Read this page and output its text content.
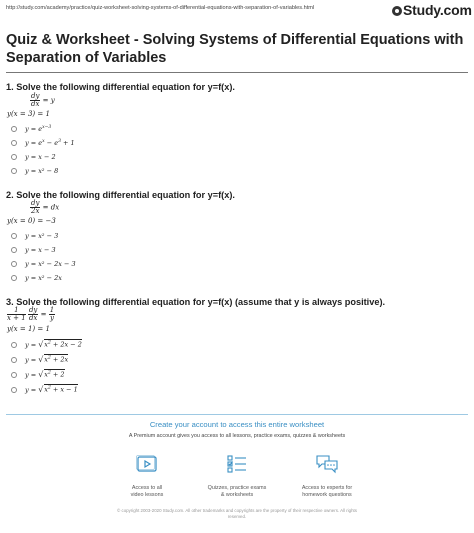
http://study.com/academy/practice/quiz-worksheet-solving-systems-of-differential-equations-with-separation-of-variables.html	Study.com
Quiz & Worksheet - Solving Systems of Differential Equations with Separation of Variables
1. Solve the following differential equation for y=f(x).
$\frac{dy}{dx} = y$
y(x = 3) = 1
$y = e^{x-3}$
$y = e^x - e^3 + 1$
y = x − 2
y = x² − 8
2. Solve the following differential equation for y=f(x).
$\frac{dy}{2x}$ = dx
y(x = 0) = −3
y = x² − 3
y = x − 3
y = x² − 2x − 3
y = x² − 2x
3. Solve the following differential equation for y=f(x) (assume that y is always positive).
$\frac{1}{x + 1}$
$\frac{dy}{dx} = \frac{1}{y}$
y(x = 1) = 1
y = √ $x^2 + 2x - 2$
y = √ $x^2 + 2x$
y = √ $x^2 + 2$
y = √ $x^2 + x - 1$
Create your account to access this entire worksheet
A Premium account gives you access to all lessons, practice exams, quizzes & worksheets
Access to all
video lessons
Quizzes, practice exams
& worksheets
Access to experts for
homework questions
© copyright 2003-2020 Study.com. All other trademarks and copyrights are the property of their respective owners. All rights
reserved.
